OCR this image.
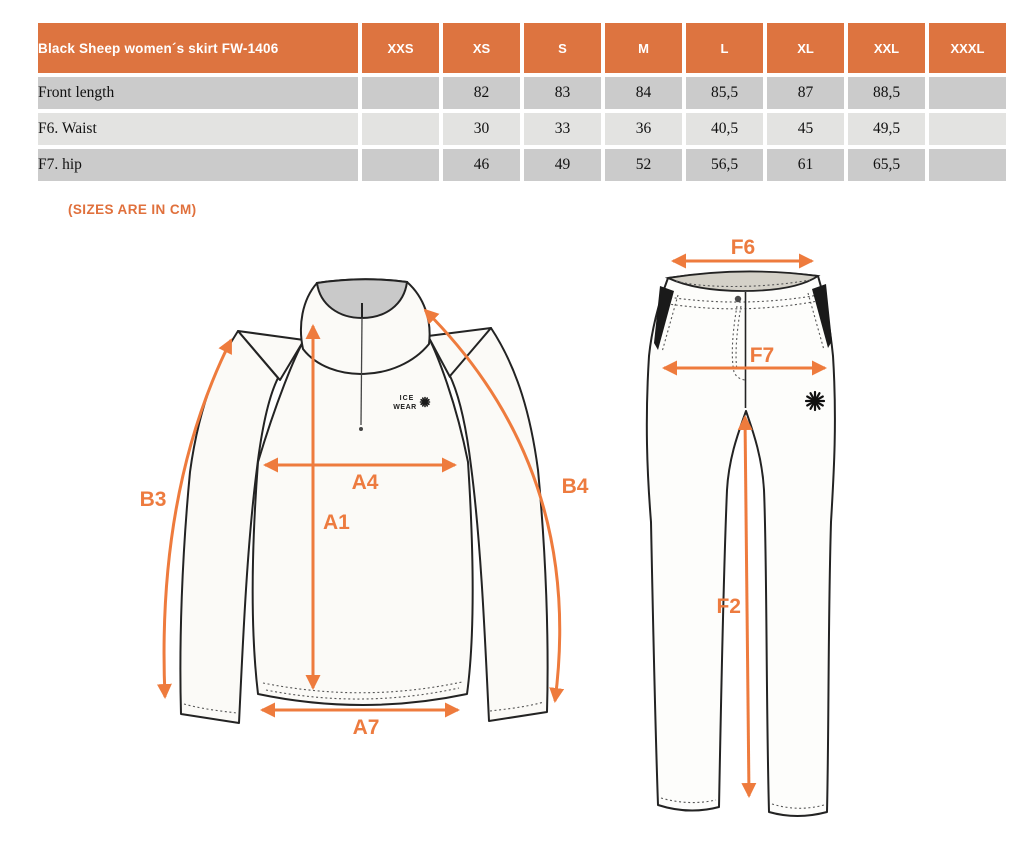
Black Sheep women´s skirt FW-1406	XXS	XS	S	M	L	XL	XXL	XXXL
Front length		82	83	84	85,5	87	88,5	
F6. Waist		30	33	36	40,5	45	49,5	
F7. hip		46	49	52	56,5	61	65,5	
(SIZES ARE IN CM)
ICE
WEAR
B3
B4
A4
A1
A7
F6
F7
F2
